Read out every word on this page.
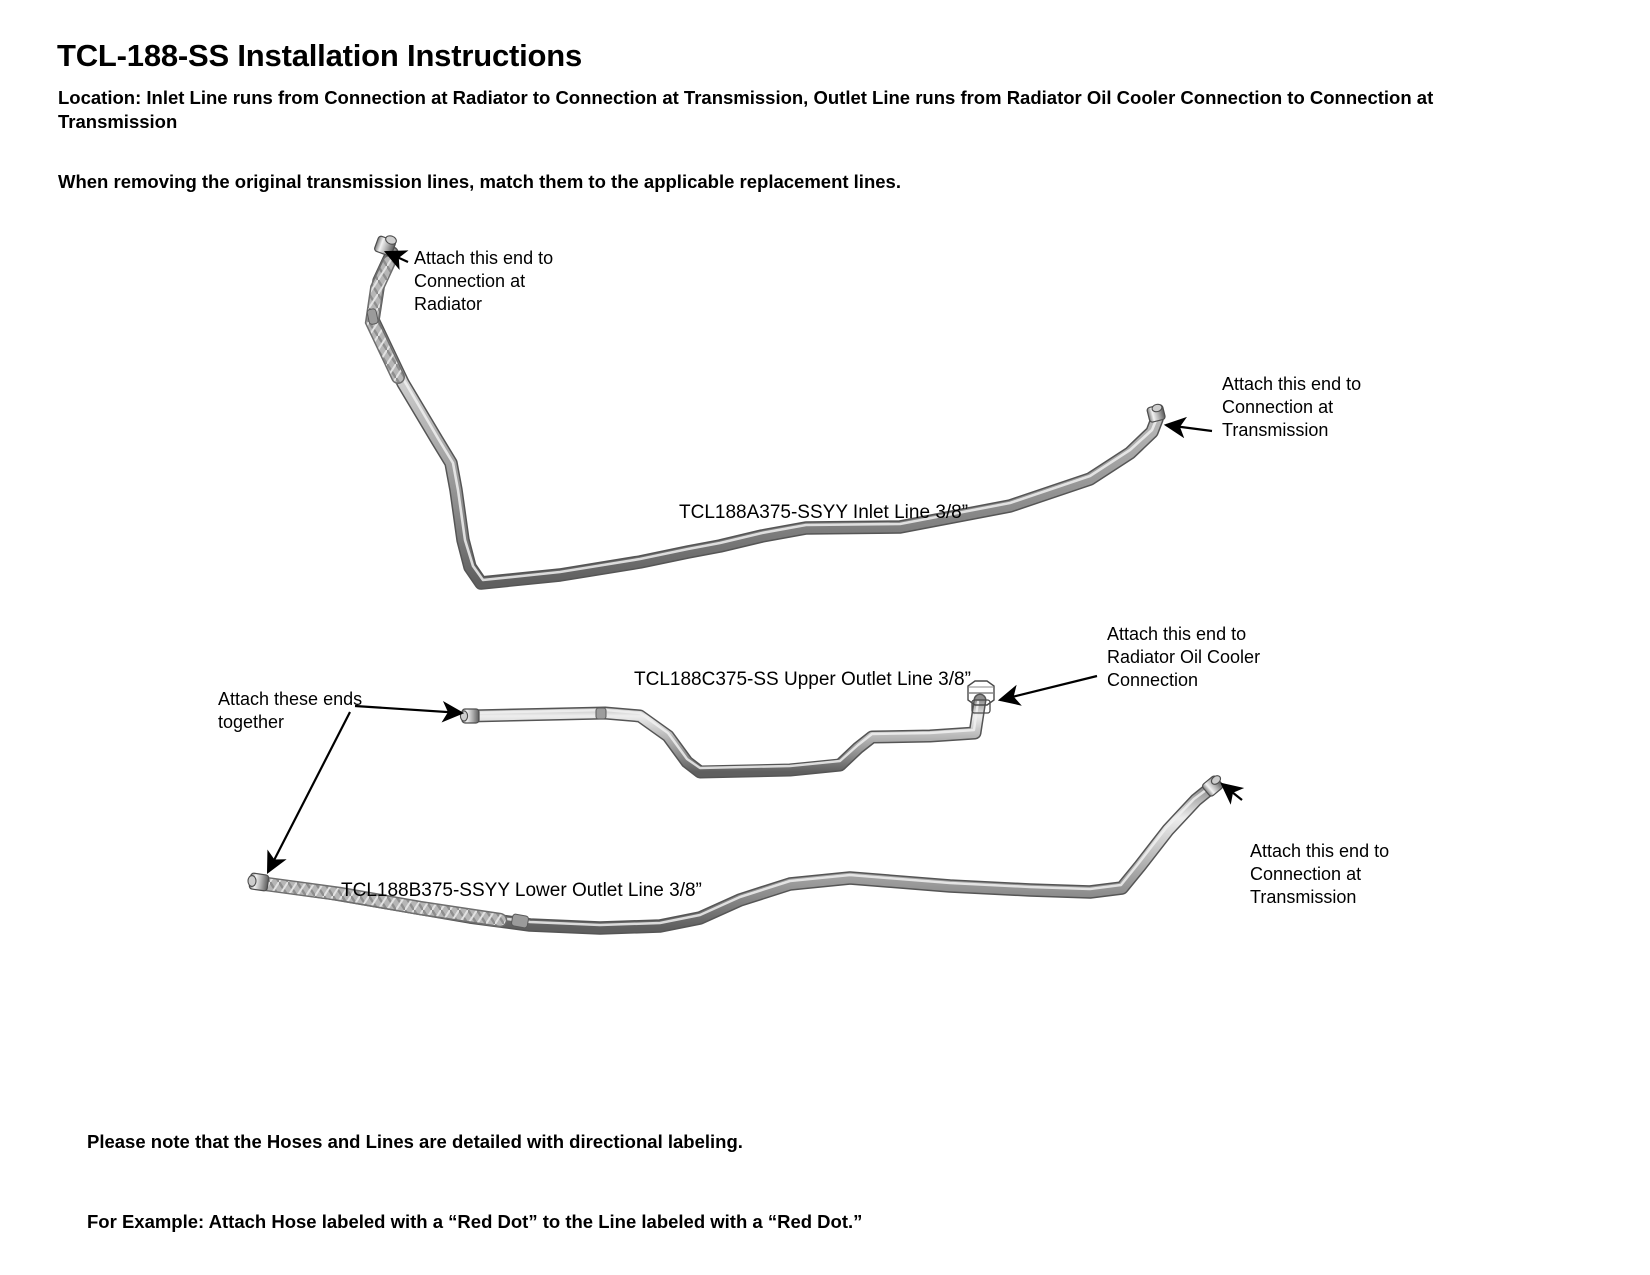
TCL-188-SS Installation Instructions
Location: Inlet Line runs from Connection at Radiator to Connection at Transmission, Outlet Line runs from Radiator Oil Cooler Connection to Connection at Transmission
When removing the original transmission lines, match them to the applicable replacement lines.
Attach this end to Connection at Radiator
Attach this end to Connection at Transmission
Attach this end to Radiator Oil Cooler Connection
Attach these ends together
Attach this end to Connection at Transmission
TCL188A375-SSYY Inlet Line 3/8”
TCL188C375-SS Upper Outlet Line 3/8”
TCL188B375-SSYY Lower Outlet Line 3/8”

Please note that the Hoses and Lines are detailed with directional labeling.

For Example: Attach Hose labeled with a “Red Dot” to the Line labeled with a “Red Dot.”
